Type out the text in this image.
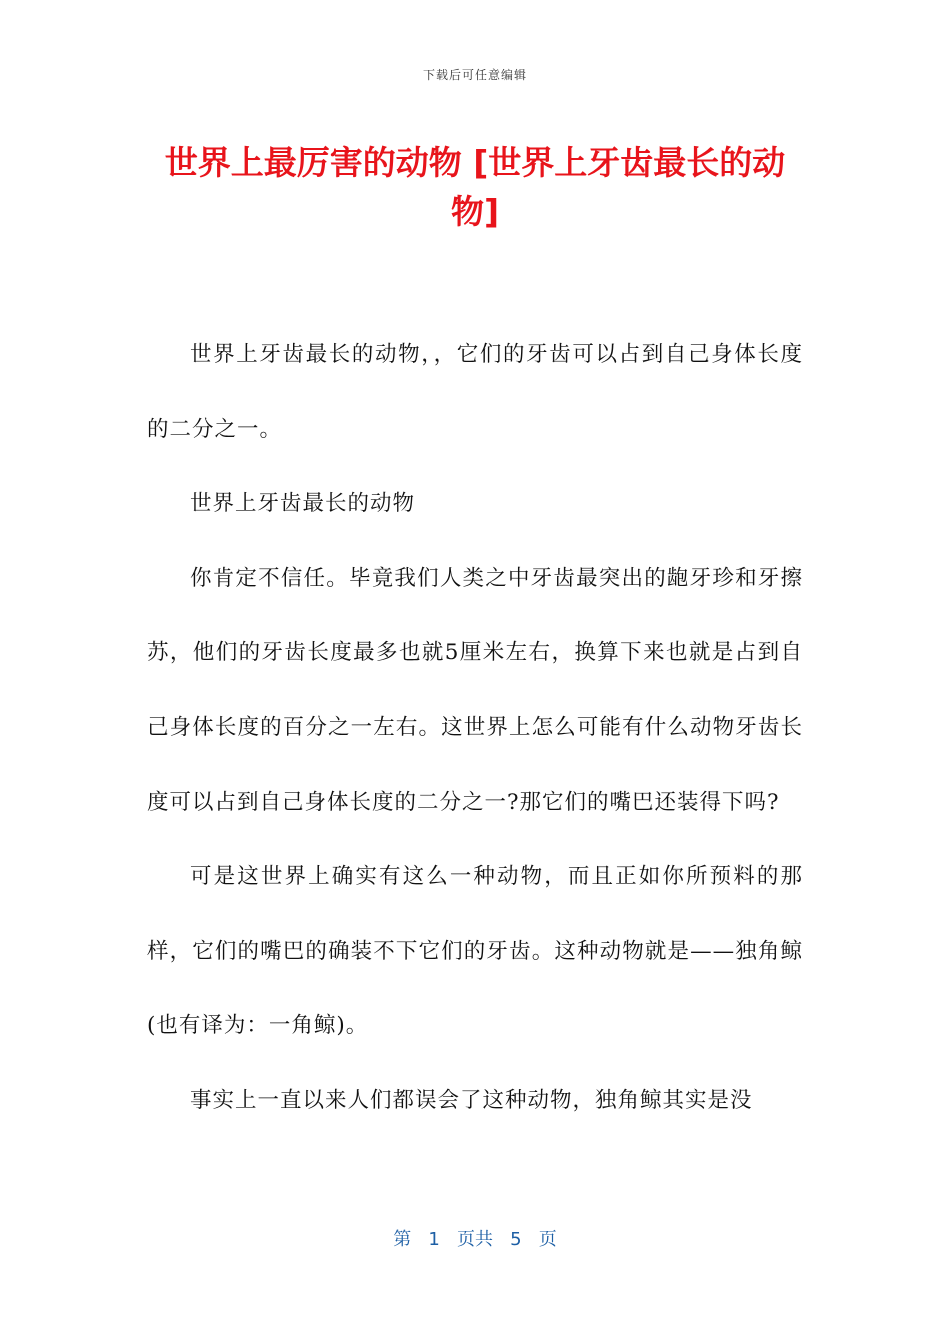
下载后可任意编辑
世界上最厉害的动物 [世界上牙齿最长的动物]

世界上牙齿最长的动物，，它们的牙齿可以占到自己身体长度的二分之一。

世界上牙齿最长的动物

你肯定不信任。毕竟我们人类之中牙齿最突出的龅牙珍和牙擦苏，他们的牙齿长度最多也就5厘米左右，换算下来也就是占到自己身体长度的百分之一左右。这世界上怎么可能有什么动物牙齿长度可以占到自己身体长度的二分之一?那它们的嘴巴还装得下吗?

可是这世界上确实有这么一种动物，而且正如你所预料的那样，它们的嘴巴的确装不下它们的牙齿。这种动物就是——独角鲸(也有译为：一角鲸)。

事实上一直以来人们都误会了这种动物，独角鲸其实是没

第 1 页共 5 页
